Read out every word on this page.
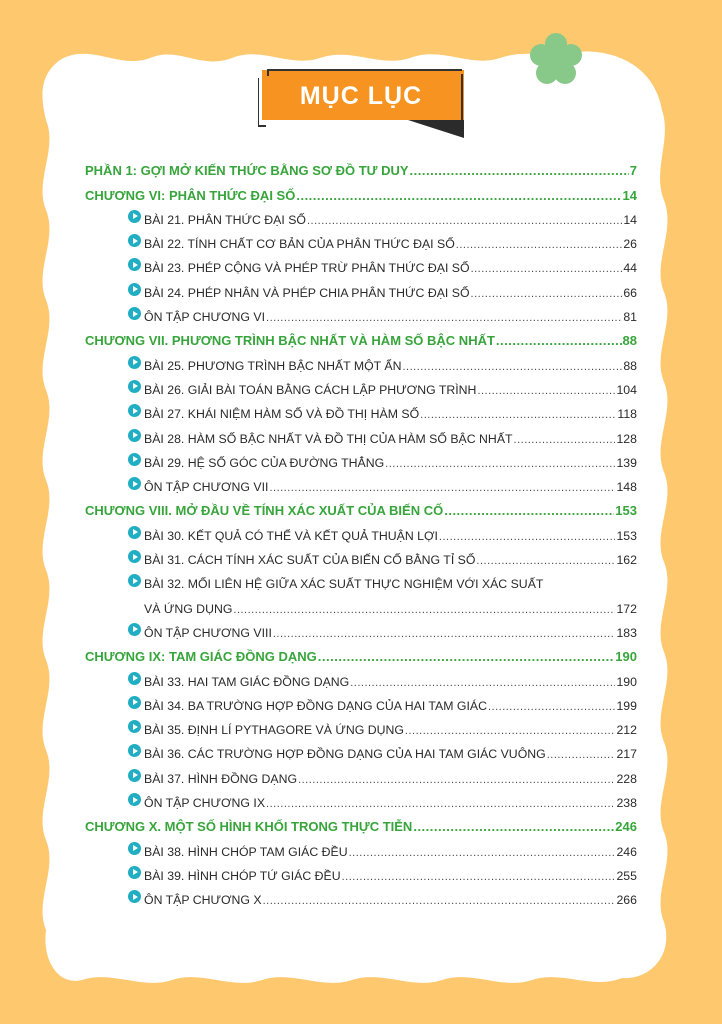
MỤC LỤC
PHẦN 1: GỢI MỞ KIẾN THỨC BẰNG SƠ ĐỒ TƯ DUY .....	7
CHƯƠNG VI: PHÂN THỨC ĐẠI SỐ .....	14
BÀI 21. PHÂN THỨC ĐẠI SỐ .....	14
BÀI 22. TÍNH CHẤT CƠ BẢN CỦA PHÂN THỨC ĐẠI SỐ .....	26
BÀI 23. PHÉP CỘNG VÀ PHÉP TRỪ PHÂN THỨC ĐẠI SỐ .....	44
BÀI 24. PHÉP NHÂN VÀ PHÉP CHIA PHÂN THỨC ĐẠI SỐ .....	66
ÔN TẬP CHƯƠNG VI .....	81
CHƯƠNG VII. PHƯƠNG TRÌNH BẬC NHẤT VÀ HÀM SỐ BẬC NHẤT .....	88
BÀI 25. PHƯƠNG TRÌNH BẬC NHẤT MỘT ẨN .....	88
BÀI 26. GIẢI BÀI TOÁN BẰNG CÁCH LẬP PHƯƠNG TRÌNH .....	104
BÀI 27. KHÁI NIỆM HÀM SỐ VÀ ĐỒ THỊ HÀM SỐ .....	118
BÀI 28. HÀM SỐ BẬC NHẤT VÀ ĐỒ THỊ CỦA HÀM SỐ BẬC NHẤT .....	128
BÀI 29. HỆ SỐ GÓC CỦA ĐƯỜNG THẲNG .....	139
ÔN TẬP CHƯƠNG VII .....	148
CHƯƠNG VIII. MỞ ĐẦU VỀ TÍNH XÁC XUẤT CỦA BIẾN CỐ .....	153
BÀI 30. KẾT QUẢ CÓ THỂ VÀ KẾT QUẢ THUẬN LỢI .....	153
BÀI 31. CÁCH TÍNH XÁC SUẤT CỦA BIẾN CỐ BẰNG TỈ SỐ .....	162
BÀI 32. MỐI LIÊN HỆ GIỮA XÁC SUẤT THỰC NGHIỆM VỚI XÁC SUẤT
VÀ ỨNG DỤNG .....	172
ÔN TẬP CHƯƠNG VIII .....	183
CHƯƠNG IX: TAM GIÁC ĐỒNG DẠNG .....	190
BÀI 33. HAI TAM GIÁC ĐỒNG DẠNG .....	190
BÀI 34. BA TRƯỜNG HỢP ĐỒNG DẠNG CỦA HAI TAM GIÁC .....	199
BÀI 35. ĐỊNH LÍ PYTHAGORE VÀ ỨNG DỤNG .....	212
BÀI 36. CÁC TRƯỜNG HỢP ĐỒNG DẠNG CỦA HAI TAM GIÁC VUÔNG .....	217
BÀI 37. HÌNH ĐỒNG DẠNG .....	228
ÔN TẬP CHƯƠNG IX .....	238
CHƯƠNG X. MỘT SỐ HÌNH KHỐI TRONG THỰC TIỄN .....	246
BÀI 38. HÌNH CHÓP TAM GIÁC ĐỀU .....	246
BÀI 39. HÌNH CHÓP TỨ GIÁC ĐỀU .....	255
ÔN TẬP CHƯƠNG X .....	266
